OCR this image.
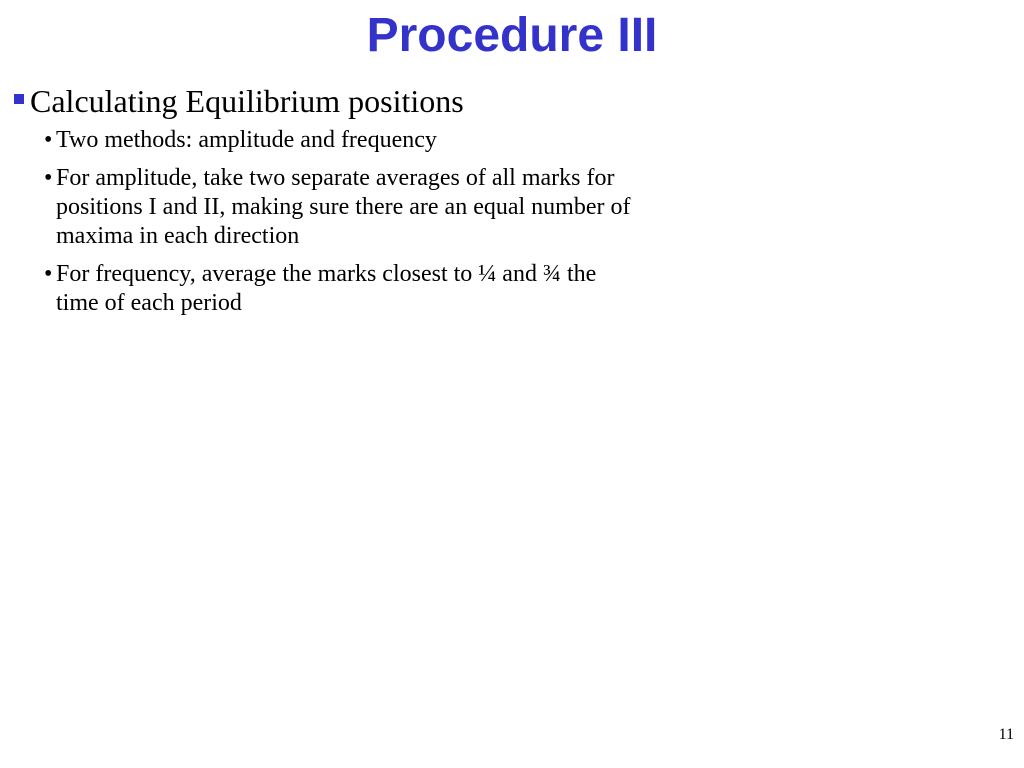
Procedure III
Calculating Equilibrium positions
• Two methods: amplitude and frequency
• For amplitude, take two separate averages of all marks for positions I and II, making sure there are an equal number of maxima in each direction
• For frequency, average the marks closest to ¼ and ¾ the time of each period
11
